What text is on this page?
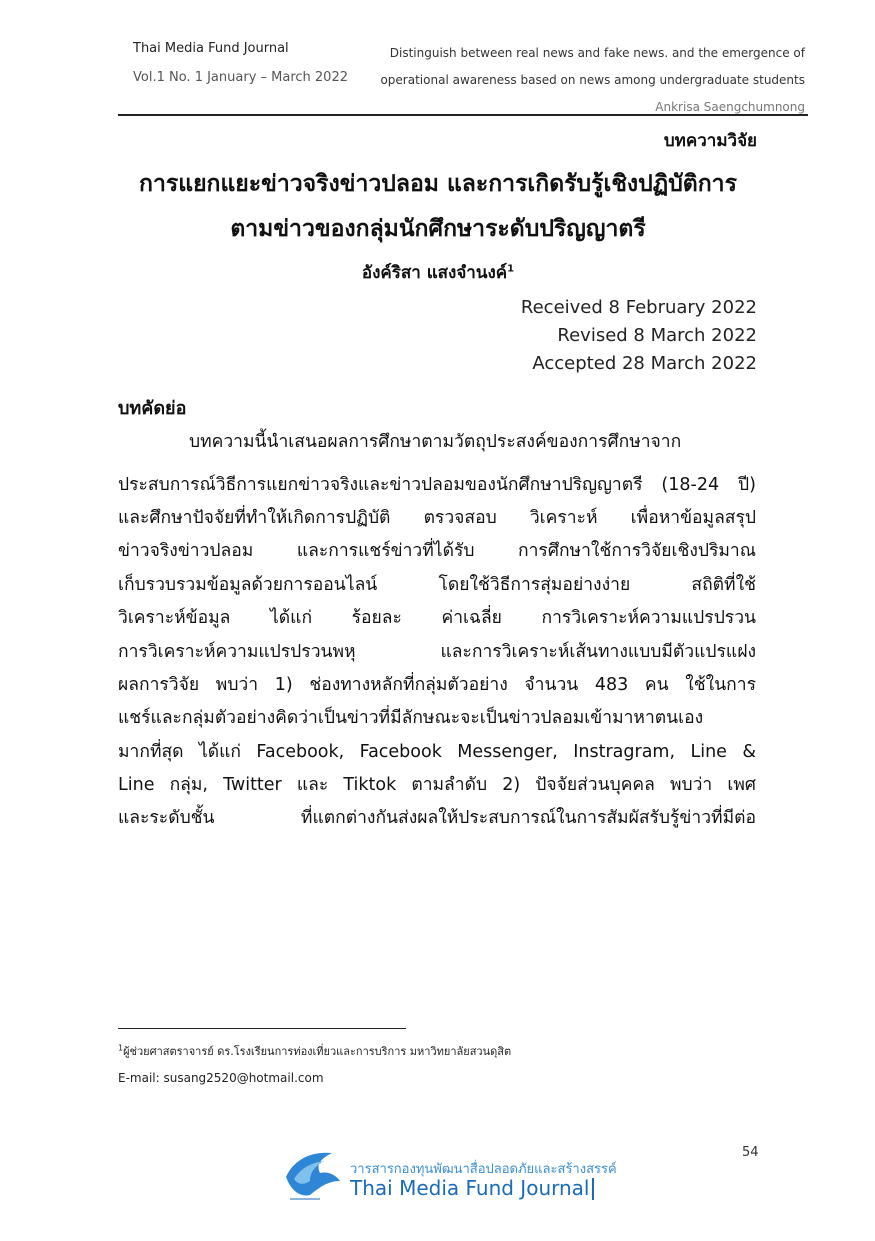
Thai Media Fund Journal
Vol.1 No. 1 January – March 2022
Distinguish between real news and fake news. and the emergence of
operational awareness based on news among undergraduate students
Ankrisa Saengchumnong
บทความวิจัย
การแยกแยะข่าวจริงข่าวปลอม และการเกิดรับรู้เชิงปฏิบัติการ
ตามข่าวของกลุ่มนักศึกษาระดับปริญญาตรี
อังค์ริสา แสงจำนงค์$^1$
Received 8 February 2022
Revised 8 March 2022
Accepted 28 March 2022
บทคัดย่อ
บทความนี้นำเสนอผลการศึกษาตามวัตถุประสงค์ของการศึกษาจาก
ประสบการณ์วิธีการแยกข่าวจริงและข่าวปลอมของนักศึกษาปริญญาตรี (18-24 ปี)
และศึกษาปัจจัยที่ทำให้เกิดการปฏิบัติ ตรวจสอบ วิเคราะห์ เพื่อหาข้อมูลสรุป
ข่าวจริงข่าวปลอม และการแชร์ข่าวที่ได้รับ การศึกษาใช้การวิจัยเชิงปริมาณ
เก็บรวบรวมข้อมูลด้วยการออนไลน์ โดยใช้วิธีการสุ่มอย่างง่าย สถิติที่ใช้
วิเคราะห์ข้อมูล ได้แก่ ร้อยละ ค่าเฉลี่ย การวิเคราะห์ความแปรปรวน
การวิเคราะห์ความแปรปรวนพหุ และการวิเคราะห์เส้นทางแบบมีตัวแปรแฝง
ผลการวิจัย พบว่า 1) ช่องทางหลักที่กลุ่มตัวอย่าง จำนวน 483 คน ใช้ในการ
แชร์และกลุ่มตัวอย่างคิดว่าเป็นข่าวที่มีลักษณะจะเป็นข่าวปลอมเข้ามาหาตนเอง
มากที่สุด ได้แก่ Facebook, Facebook Messenger, Instragram, Line &
Line กลุ่ม, Twitter และ Tiktok ตามลำดับ 2) ปัจจัยส่วนบุคคล พบว่า เพศ
และระดับชั้น ที่แตกต่างกันส่งผลให้ประสบการณ์ในการสัมผัสรับรู้ข่าวที่มีต่อ
$^1$ผู้ช่วยศาสตราจารย์ ดร.โรงเรียนการท่องเที่ยวและการบริการ มหาวิทยาลัยสวนดุสิต
E-mail: susang2520@hotmail.com
54
วารสารกองทุนพัฒนาสื่อปลอดภัยและสร้างสรรค์
Thai Media Fund Journal
